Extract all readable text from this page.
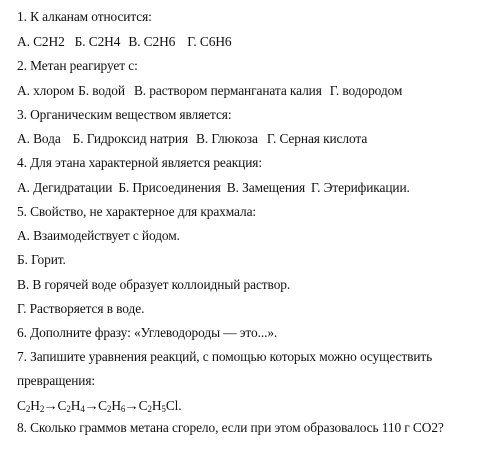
1. К алканам относится:
А. C2H2 Б. C2H4 В. C2H6 Г. C6H6
2. Метан реагирует с:
А. хлором Б. водой В. раствором перманганата калия Г. водородом
3. Органическим веществом является:
А. Вода Б. Гидроксид натрия В. Глюкоза Г. Серная кислота
4. Для этана характерной является реакция:
А. Дегидратации Б. Присоединения В. Замещения Г. Этерификации.
5. Свойство, не характерное для крахмала:
А. Взаимодействует с йодом.
Б. Горит.
В. В горячей воде образует коллоидный раствор.
Г. Растворяется в воде.
6. Дополните фразу: «Углеводороды — это...».
7. Запишите уравнения реакций, с помощью которых можно осуществить
превращения:
$C_2H_2\to C_2H_4\to C_2H_6\to C_2H_5Cl$.
8. Сколько граммов метана сгорело, если при этом образовалось 110 г CO2?
